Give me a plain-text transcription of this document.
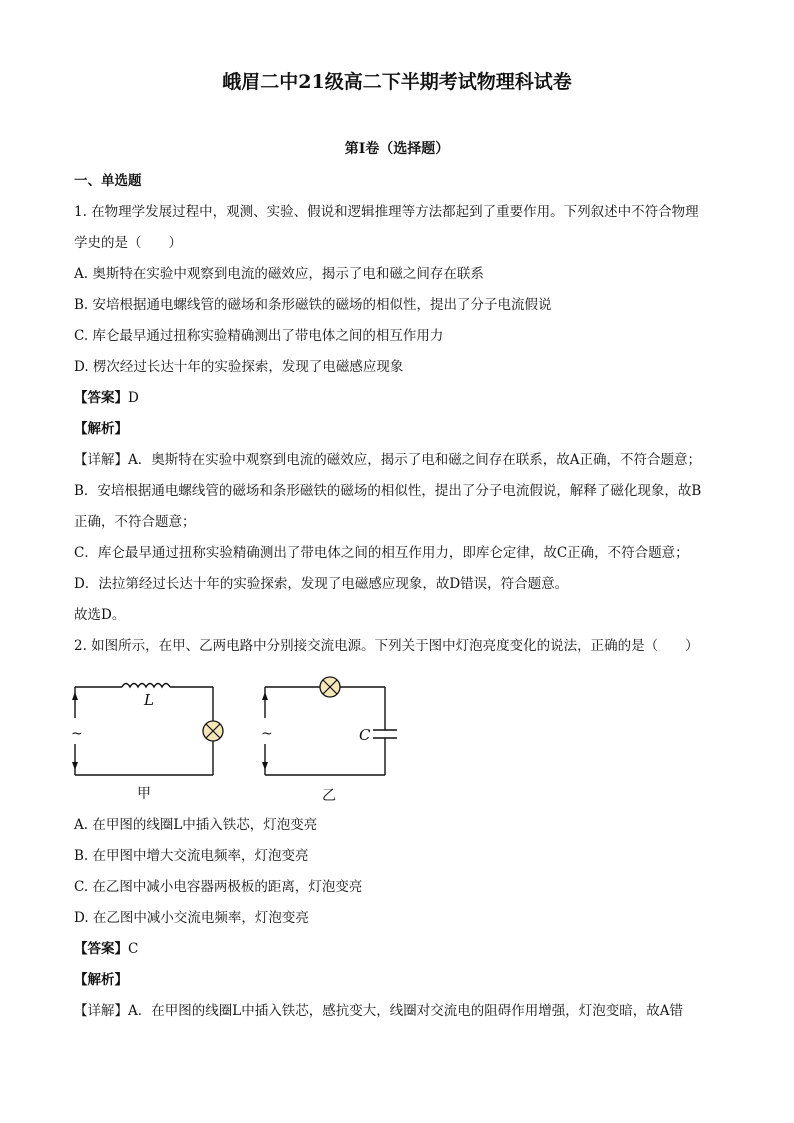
峨眉二中21级高二下半期考试物理科试卷
第I卷（选择题）
一、单选题
1. 在物理学发展过程中，观测、实验、假说和逻辑推理等方法都起到了重要作用。下列叙述中不符合物理
学史的是（　　）
A. 奥斯特在实验中观察到电流的磁效应，揭示了电和磁之间存在联系
B. 安培根据通电螺线管的磁场和条形磁铁的磁场的相似性，提出了分子电流假说
C. 库仑最早通过扭称实验精确测出了带电体之间的相互作用力
D. 楞次经过长达十年的实验探索，发现了电磁感应现象
【答案】D
【解析】
【详解】A．奥斯特在实验中观察到电流的磁效应，揭示了电和磁之间存在联系，故A正确，不符合题意；
B．安培根据通电螺线管的磁场和条形磁铁的磁场的相似性，提出了分子电流假说，解释了磁化现象，故B
正确，不符合题意；
C．库仑最早通过扭称实验精确测出了带电体之间的相互作用力，即库仑定律，故C正确，不符合题意；
D．法拉第经过长达十年的实验探索，发现了电磁感应现象，故D错误，符合题意。
故选D。
2. 如图所示，在甲、乙两电路中分别接交流电源。下列关于图中灯泡亮度变化的说法，正确的是（　　）
~
L
甲
~	C
乙
A. 在甲图的线圈L中插入铁芯，灯泡变亮
B. 在甲图中增大交流电频率，灯泡变亮
C. 在乙图中减小电容器两极板的距离，灯泡变亮
D. 在乙图中减小交流电频率，灯泡变亮
【答案】C
【解析】
【详解】A．在甲图的线圈L中插入铁芯，感抗变大，线圈对交流电的阻碍作用增强，灯泡变暗，故A错
